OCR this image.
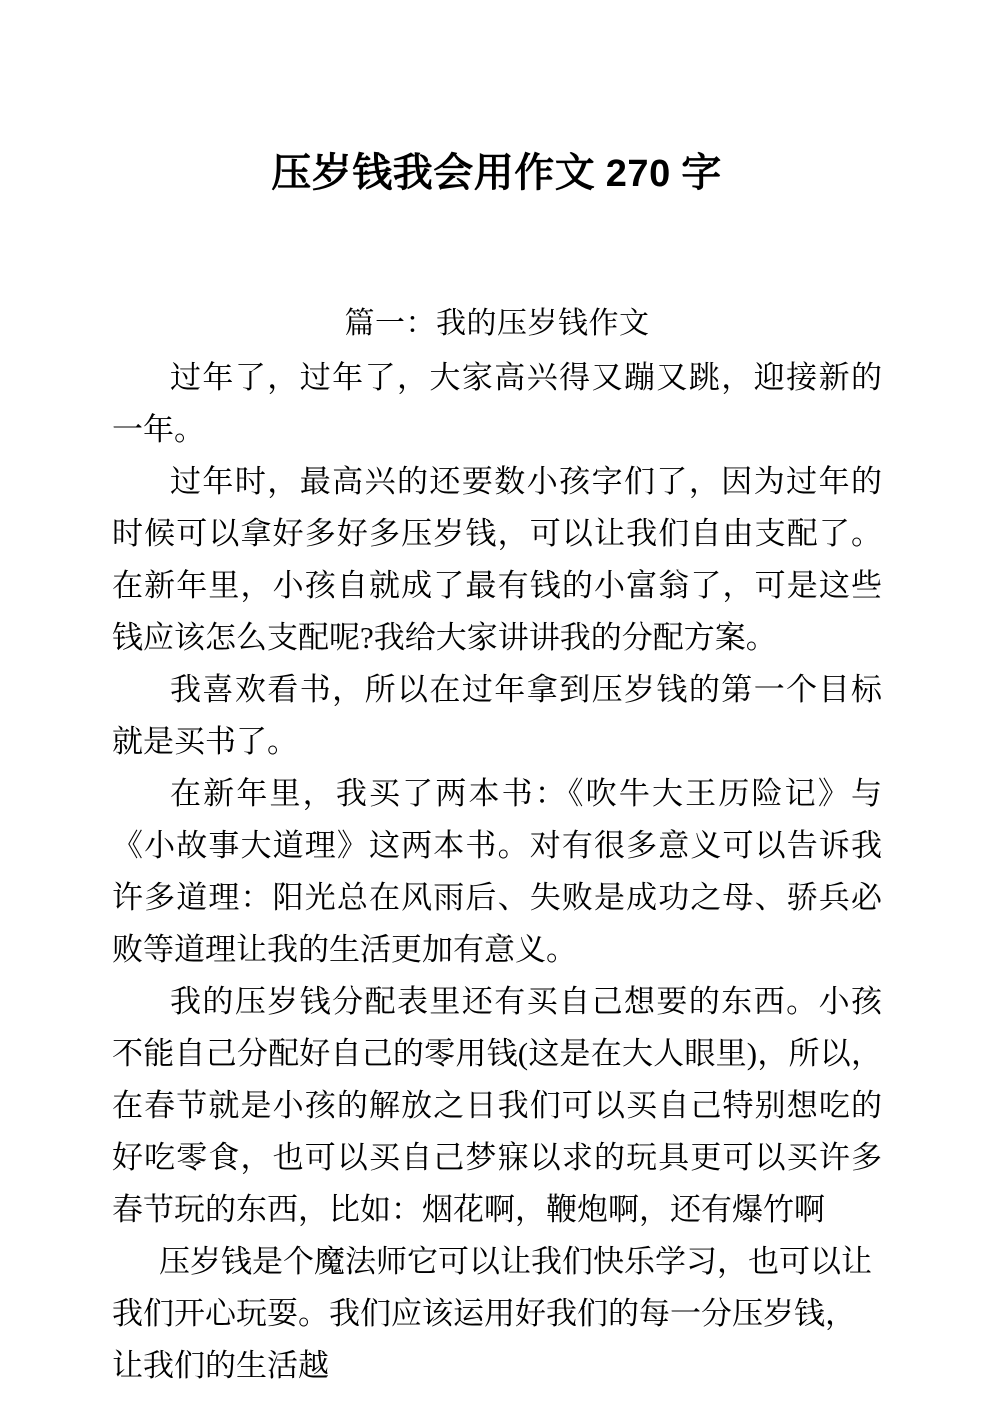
压岁钱我会用作文 270 字
篇一：我的压岁钱作文

过年了，过年了，大家高兴得又蹦又跳，迎接新的一年。

过年时，最高兴的还要数小孩字们了，因为过年的时候可以拿好多好多压岁钱，可以让我们自由支配了。在新年里，小孩自就成了最有钱的小富翁了，可是这些钱应该怎么支配呢?我给大家讲讲我的分配方案。

我喜欢看书，所以在过年拿到压岁钱的第一个目标就是买书了。

在新年里，我买了两本书：《吹牛大王历险记》与《小故事大道理》这两本书。对有很多意义可以告诉我许多道理：阳光总在风雨后、失败是成功之母、骄兵必败等道理让我的生活更加有意义。

我的压岁钱分配表里还有买自己想要的东西。小孩不能自己分配好自己的零用钱(这是在大人眼里)，所以，在春节就是小孩的解放之日我们可以买自己特别想吃的好吃零食，也可以买自己梦寐以求的玩具更可以买许多春节玩的东西，比如：烟花啊，鞭炮啊，还有爆竹啊

压岁钱是个魔法师它可以让我们快乐学习，也可以让我们开心玩耍。我们应该运用好我们的每一分压岁钱，让我们的生活越
